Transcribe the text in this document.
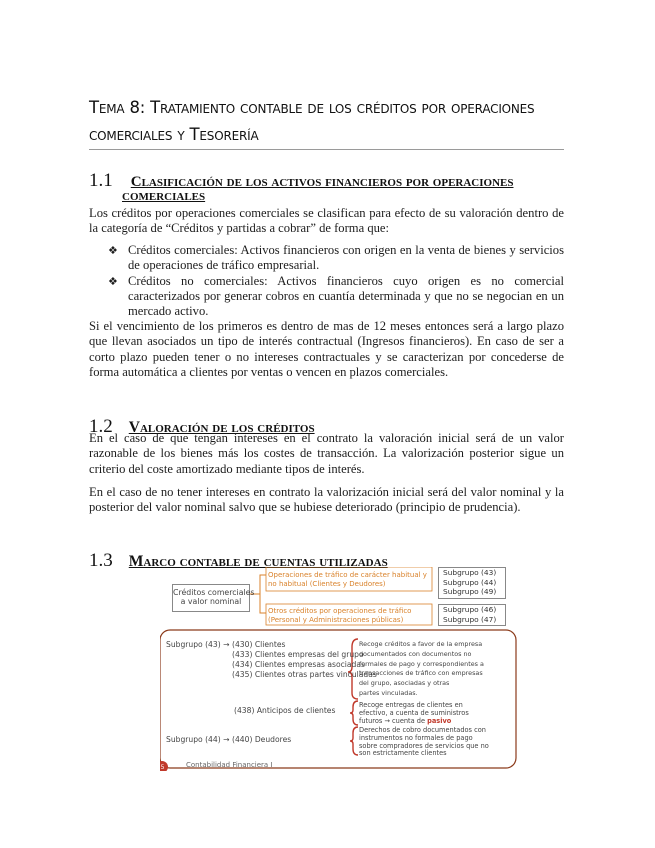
Tema 8: Tratamiento contable de los créditos por operaciones
comerciales y Tesorería
1.1 Clasificación de los activos financieros por operaciones
comerciales

Los créditos por operaciones comerciales se clasifican para efecto de su valoración dentro de la categoría de “Créditos y partidas a cobrar” de forma que:

❖ Créditos comerciales: Activos financieros con origen en la venta de bienes y servicios de operaciones de tráfico empresarial.
❖ Créditos no comerciales: Activos financieros cuyo origen es no comercial caracterizados por generar cobros en cuantía determinada y que no se negocian en un mercado activo.

Si el vencimiento de los primeros es dentro de mas de 12 meses entonces será a largo plazo que llevan asociados un tipo de interés contractual (Ingresos financieros). En caso de ser a corto plazo pueden tener o no intereses contractuales y se caracterizan por concederse de forma automática a clientes por ventas o vencen en plazos comerciales.

1.2 Valoración de los créditos

En el caso de que tengan intereses en el contrato la valoración inicial será de un valor razonable de los bienes más los costes de transacción. La valorización posterior sigue un criterio del coste amortizado mediante tipos de interés.

En el caso de no tener intereses en contrato la valorización inicial será del valor nominal y la posterior del valor nominal salvo que se hubiese deteriorado (principio de prudencia).

1.3 Marco contable de cuentas utilizadas
Créditos comerciales
a valor nominal
Operaciones de tráfico de carácter habitual y
no habitual (Clientes y Deudores)
Otros créditos por operaciones de tráfico
(Personal y Administraciones públicas)
Subgrupo (43)
Subgrupo (44)
Subgrupo (49)
Subgrupo (46)
Subgrupo (47)
Subgrupo (43) → (430) Clientes
(433) Clientes empresas del grupo
(434) Clientes empresas asociadas
(435) Clientes otras partes vinculadas
Recoge créditos a favor de la empresa
documentados con documentos no
formales de pago y correspondientes a
transacciones de tráfico con empresas
del grupo, asociadas y otras
partes vinculadas.
(438) Anticipos de clientes
Recoge entregas de clientes en
efectivo, a cuenta de suministros
futuros → cuenta de pasivo
Subgrupo (44) → (440) Deudores
Derechos de cobro documentados con
instrumentos no formales de pago
sobre compradores de servicios que no
son estrictamente clientes
5	Contabilidad Financiera I
